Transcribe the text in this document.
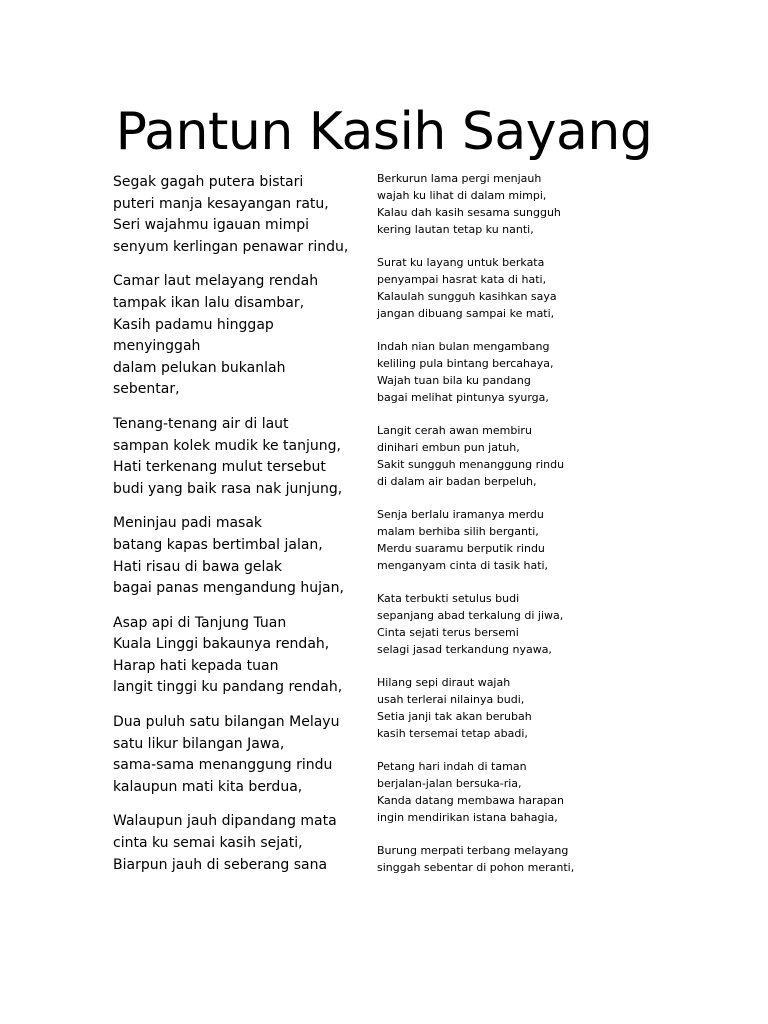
Pantun Kasih Sayang
Segak gagah putera bistari
puteri manja kesayangan ratu,
Seri wajahmu igauan mimpi
senyum kerlingan penawar rindu,
Camar laut melayang rendah
tampak ikan lalu disambar,
Kasih padamu hinggap
menyinggah
dalam pelukan bukanlah
sebentar,
Tenang-tenang air di laut
sampan kolek mudik ke tanjung,
Hati terkenang mulut tersebut
budi yang baik rasa nak junjung,
Meninjau padi masak
batang kapas bertimbal jalan,
Hati risau di bawa gelak
bagai panas mengandung hujan,
Asap api di Tanjung Tuan
Kuala Linggi bakaunya rendah,
Harap hati kepada tuan
langit tinggi ku pandang rendah,
Dua puluh satu bilangan Melayu
satu likur bilangan Jawa,
sama-sama menanggung rindu
kalaupun mati kita berdua,
Walaupun jauh dipandang mata
cinta ku semai kasih sejati,
Biarpun jauh di seberang sana
Berkurun lama pergi menjauh
wajah ku lihat di dalam mimpi,
Kalau dah kasih sesama sungguh
kering lautan tetap ku nanti,
Surat ku layang untuk berkata
penyampai hasrat kata di hati,
Kalaulah sungguh kasihkan saya
jangan dibuang sampai ke mati,
Indah nian bulan mengambang
keliling pula bintang bercahaya,
Wajah tuan bila ku pandang
bagai melihat pintunya syurga,
Langit cerah awan membiru
dinihari embun pun jatuh,
Sakit sungguh menanggung rindu
di dalam air badan berpeluh,
Senja berlalu iramanya merdu
malam berhiba silih berganti,
Merdu suaramu berputik rindu
menganyam cinta di tasik hati,
Kata terbukti setulus budi
sepanjang abad terkalung di jiwa,
Cinta sejati terus bersemi
selagi jasad terkandung nyawa,
Hilang sepi diraut wajah
usah terlerai nilainya budi,
Setia janji tak akan berubah
kasih tersemai tetap abadi,
Petang hari indah di taman
berjalan-jalan bersuka-ria,
Kanda datang membawa harapan
ingin mendirikan istana bahagia,
Burung merpati terbang melayang
singgah sebentar di pohon meranti,
